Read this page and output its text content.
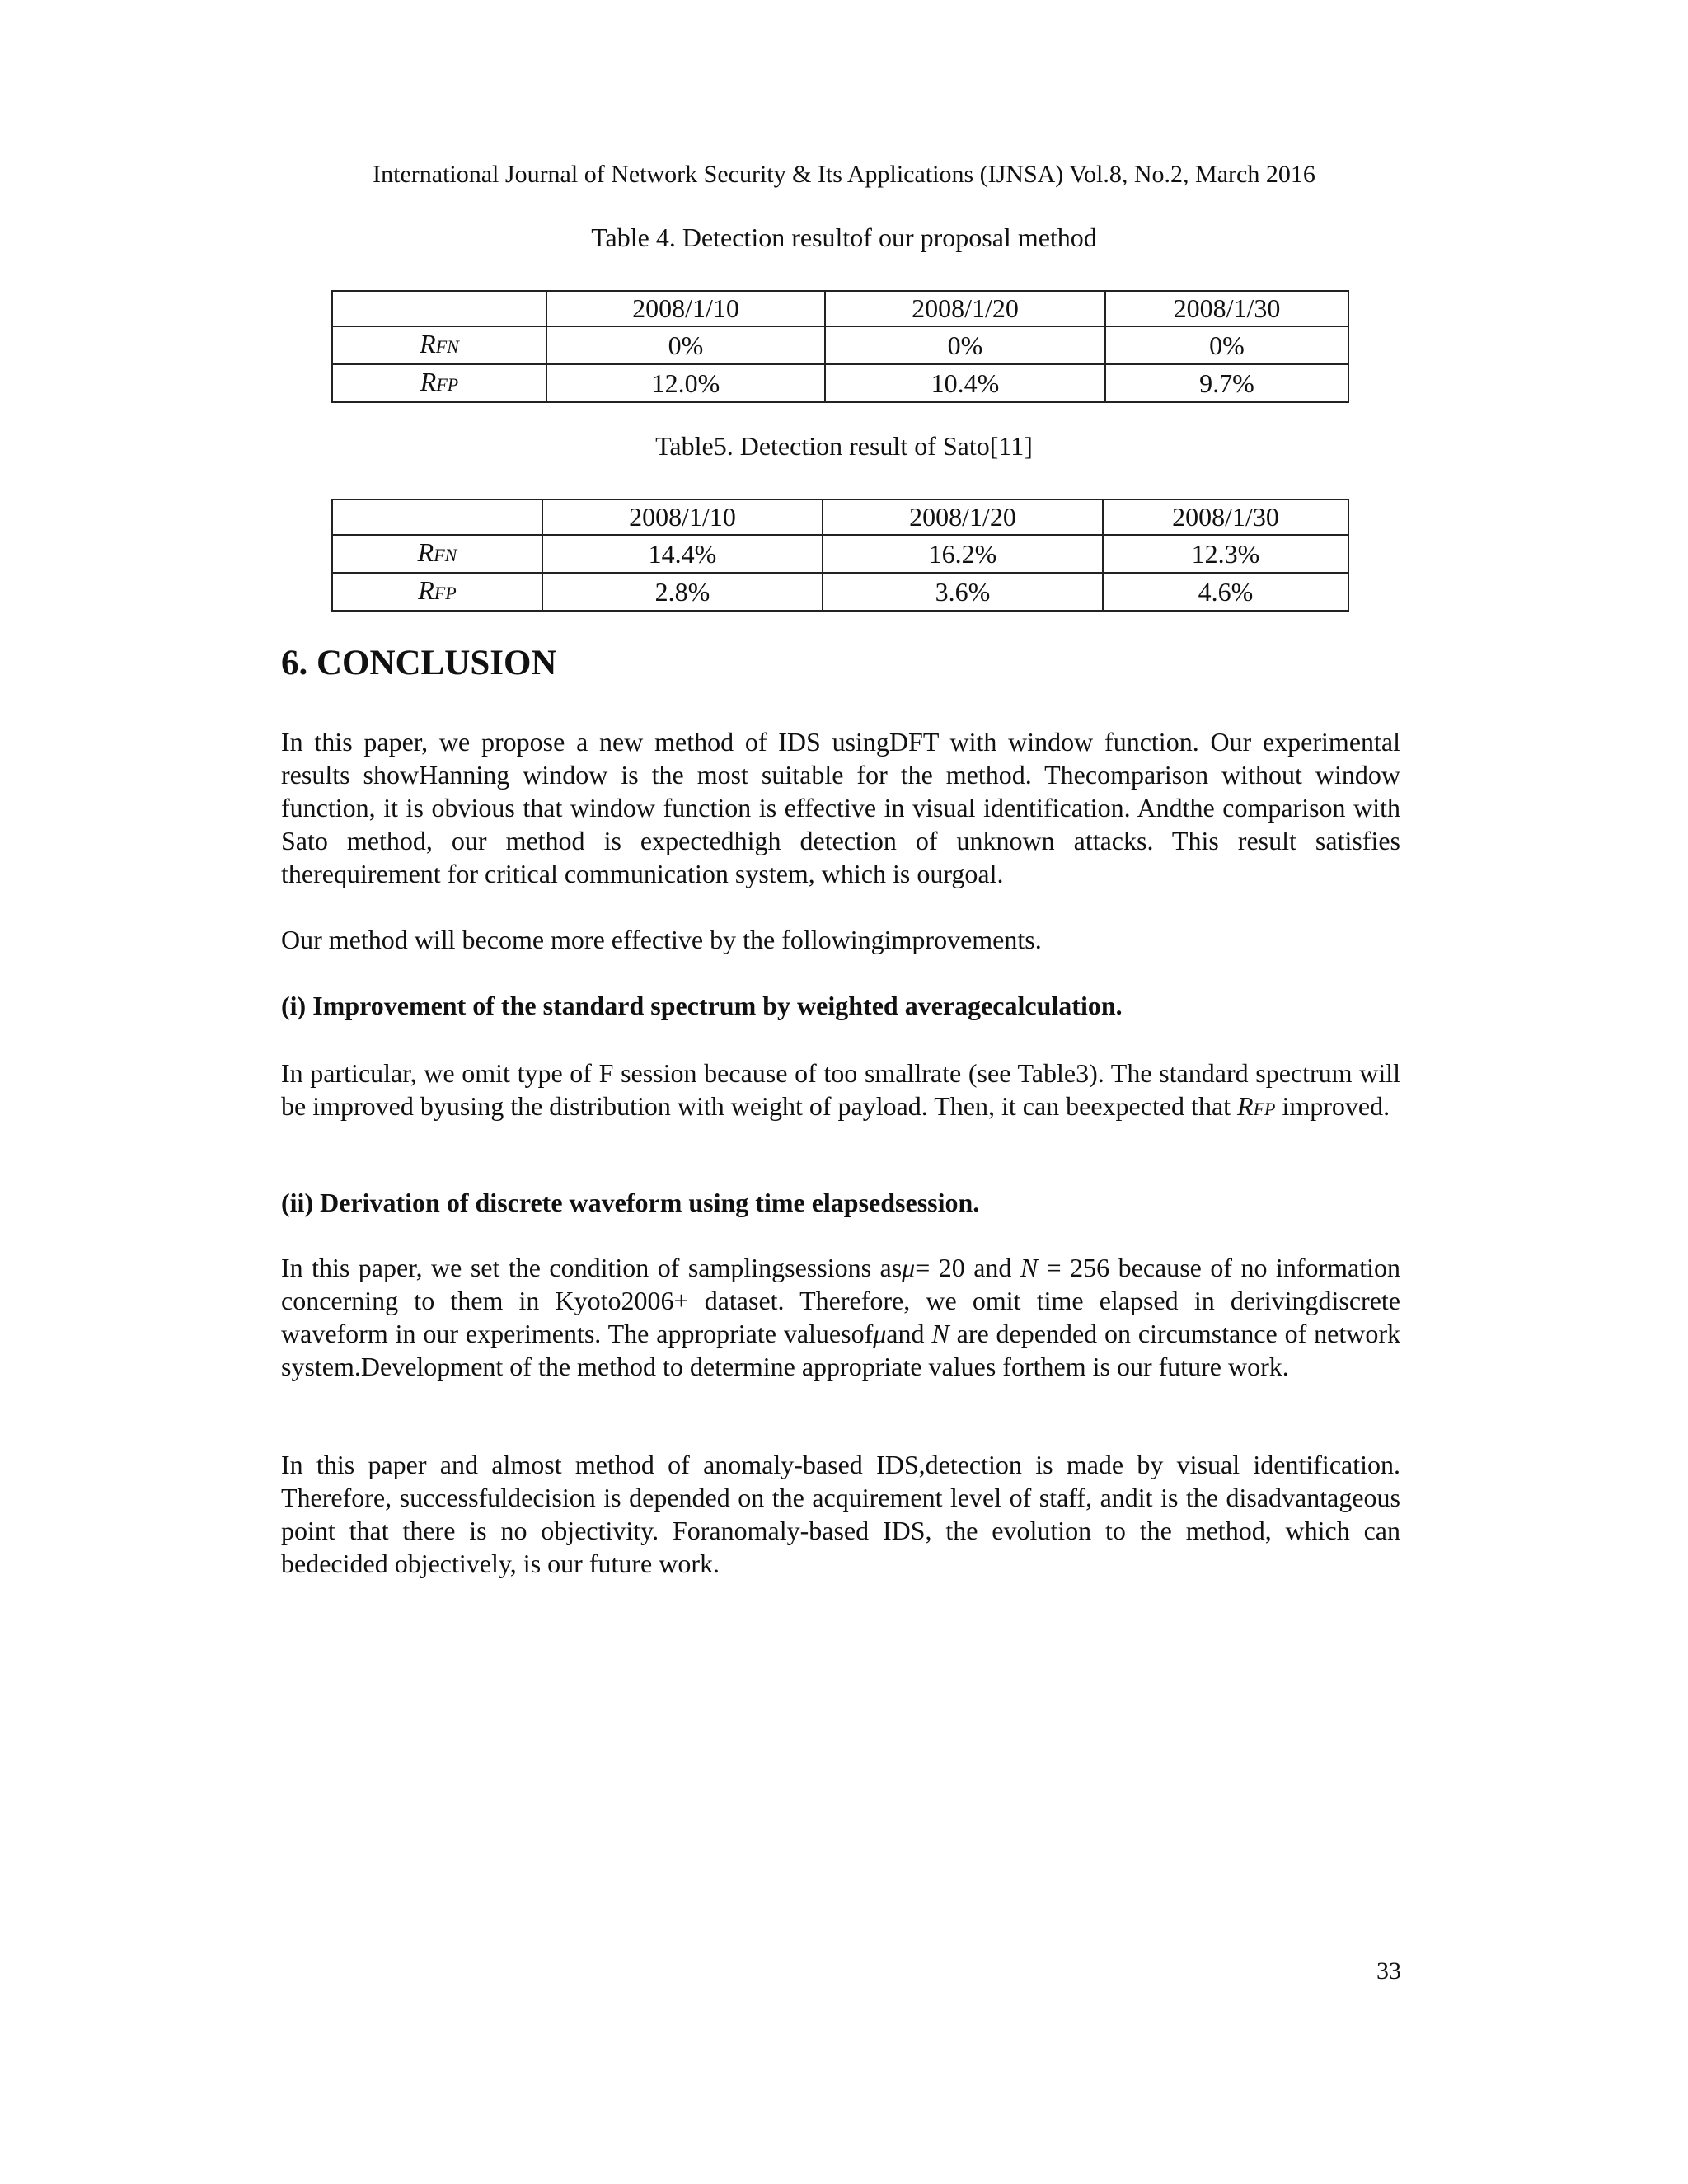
International Journal of Network Security & Its Applications (IJNSA) Vol.8, No.2, March 2016
Table 4. Detection resultof our proposal method
	2008/1/10	2008/1/20	2008/1/30
RFN	0%	0%	0%
RFP	12.0%	10.4%	9.7%
Table5. Detection result of Sato[11]
	2008/1/10	2008/1/20	2008/1/30
RFN	14.4%	16.2%	12.3%
RFP	2.8%	3.6%	4.6%
6. CONCLUSION

In this paper, we propose a new method of IDS usingDFT with window function. Our experimental results showHanning window is the most suitable for the method. Thecomparison without window function, it is obvious that window function is effective in visual identification. Andthe comparison with Sato method, our method is expectedhigh detection of unknown attacks. This result satisfies therequirement for critical communication system, which is ourgoal.

Our method will become more effective by the followingimprovements.

(i) Improvement of the standard spectrum by weighted averagecalculation.

In particular, we omit type of F session because of too smallrate (see Table3). The standard spectrum will be improved byusing the distribution with weight of payload. Then, it can beexpected that RFP improved.

(ii) Derivation of discrete waveform using time elapsedsession.

In this paper, we set the condition of samplingsessions asμ= 20 and N = 256 because of no information concerning to them in Kyoto2006+ dataset. Therefore, we omit time elapsed in derivingdiscrete waveform in our experiments. The appropriate valuesofμand N are depended on circumstance of network system.Development of the method to determine appropriate values forthem is our future work.

In this paper and almost method of anomaly-based IDS,detection is made by visual identification. Therefore, successfuldecision is depended on the acquirement level of staff, andit is the disadvantageous point that there is no objectivity. Foranomaly-based IDS, the evolution to the method, which can bedecided objectively, is our future work.

33
